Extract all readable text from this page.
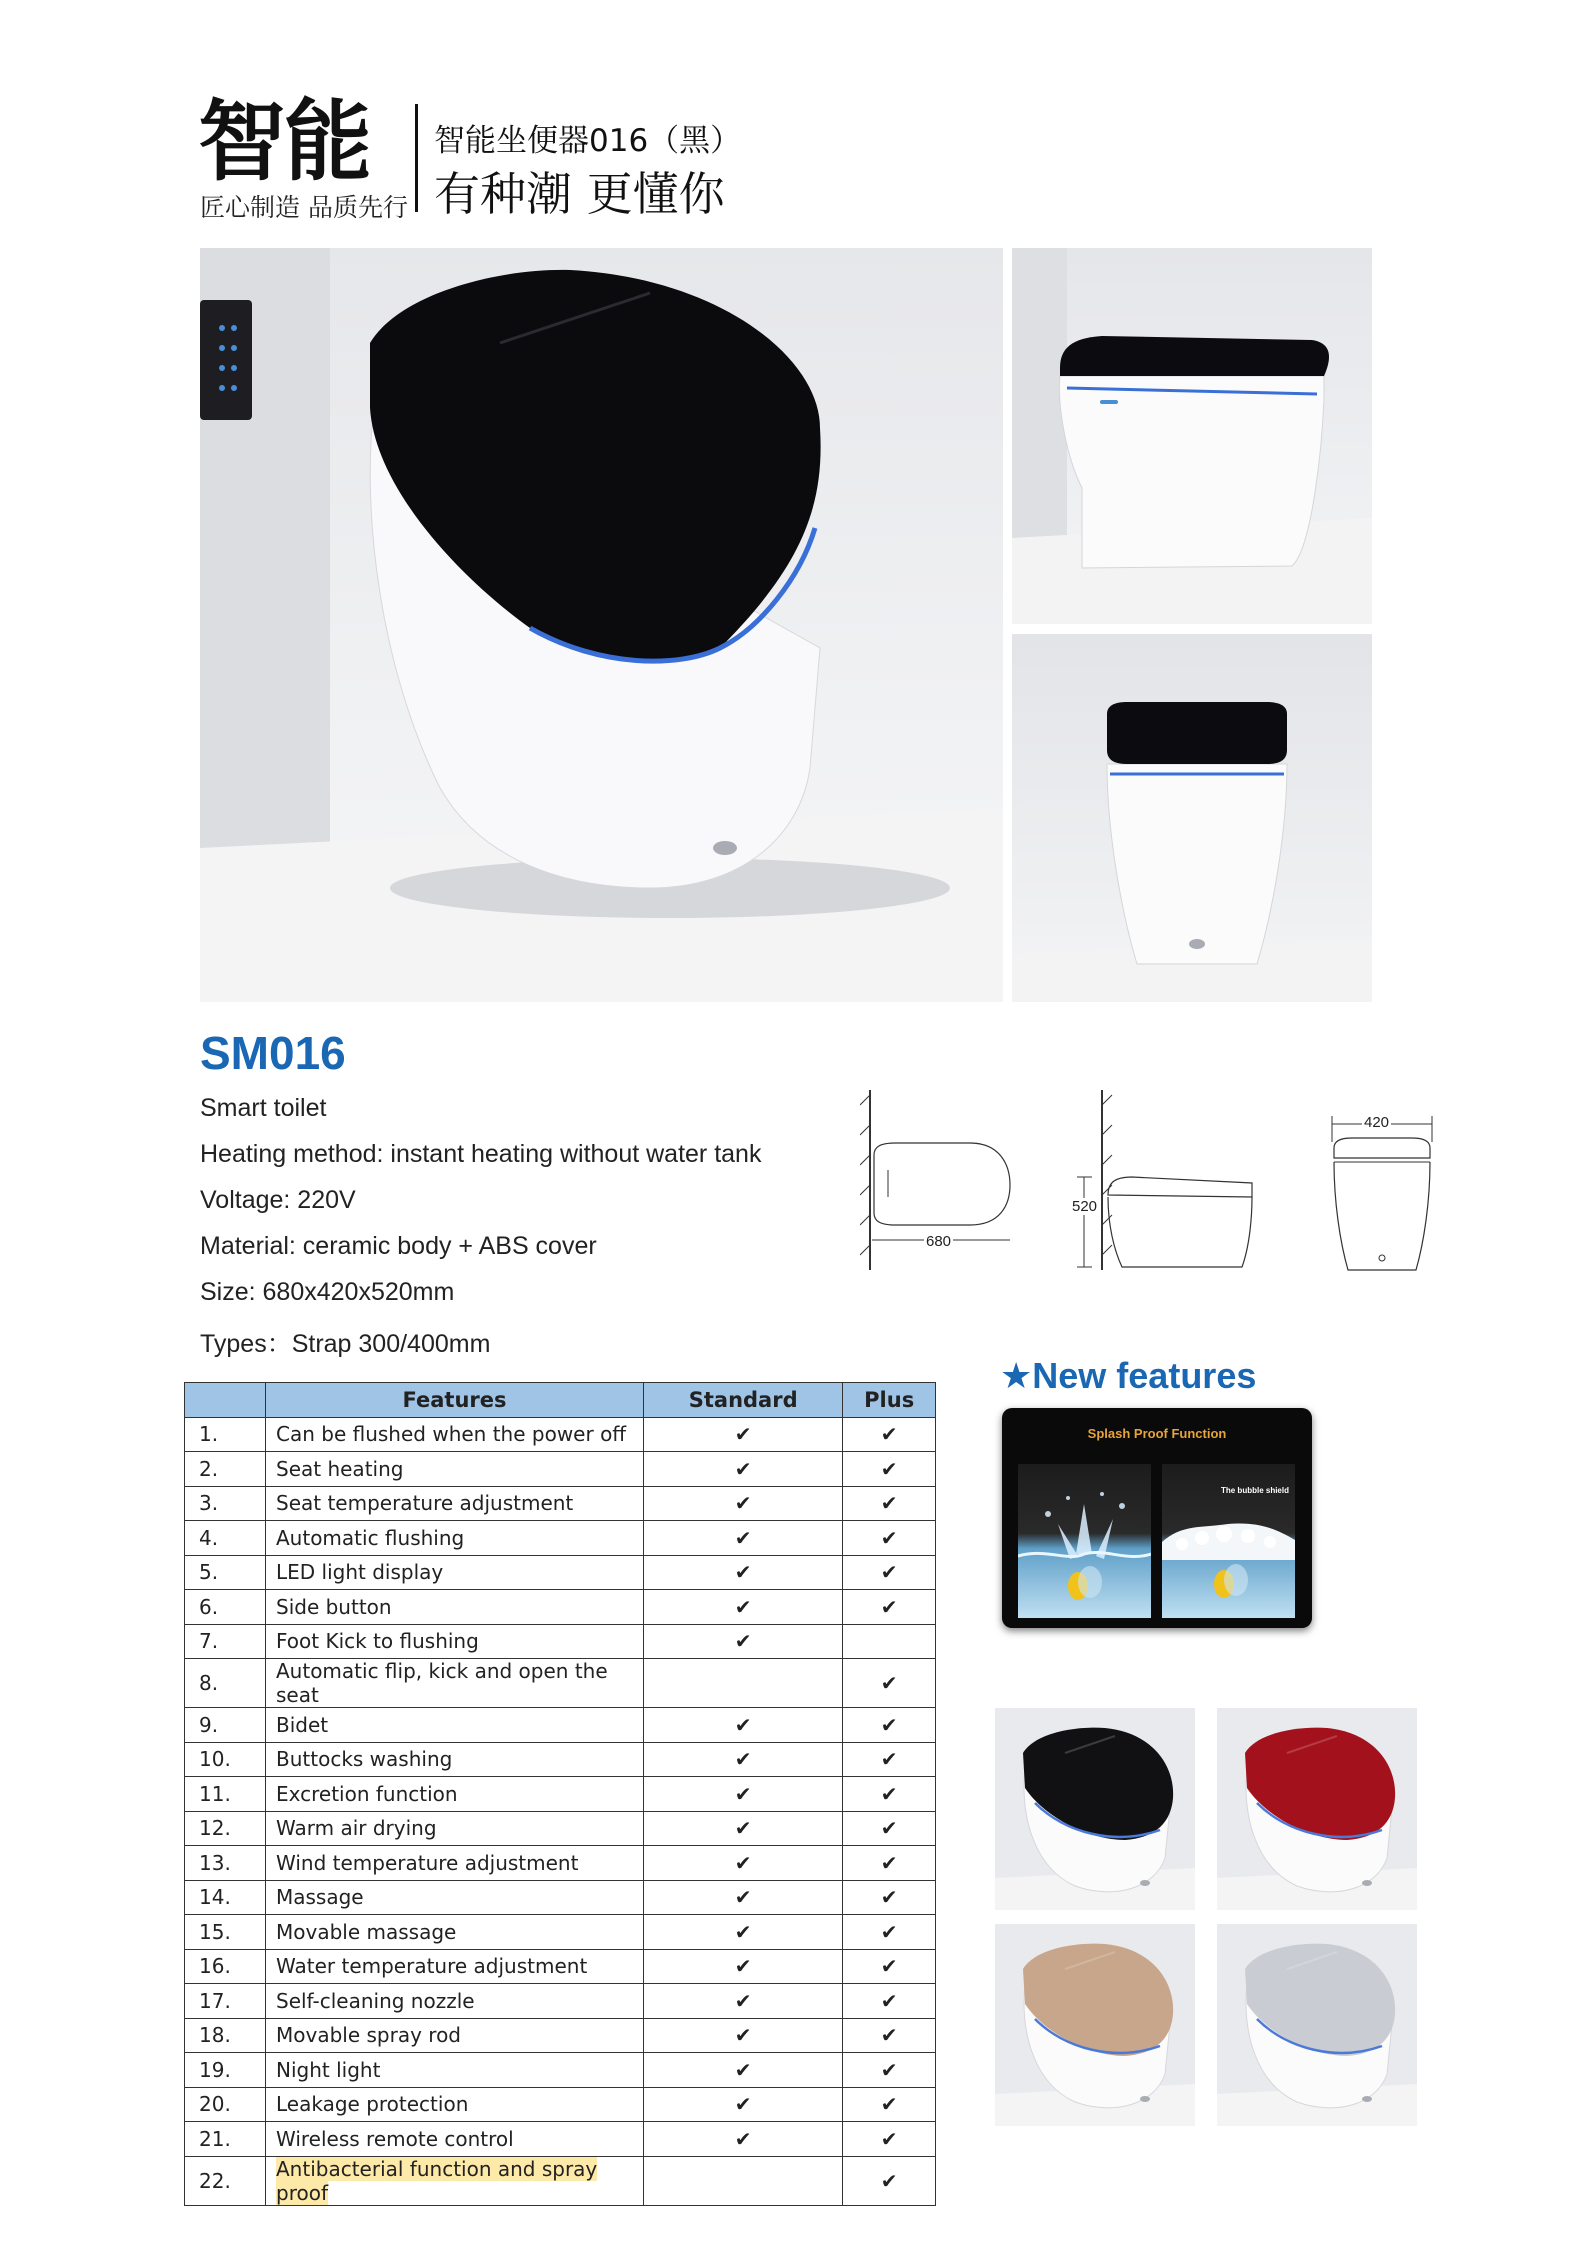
智能
匠心制造 品质先行
智能坐便器016（黑）
有种潮 更懂你
SM016
Smart toilet
Heating method: instant heating without water tank
Voltage: 220V
Material: ceramic body + ABS cover
Size: 680x420x520mm
Types：Strap 300/400mm
680
520
420
	Features	Standard	Plus
1.	Can be flushed when the power off	✔	✔
2.	Seat heating	✔	✔
3.	Seat temperature adjustment	✔	✔
4.	Automatic flushing	✔	✔
5.	LED light display	✔	✔
6.	Side button	✔	✔
7.	Foot Kick to flushing	✔	
8.	Automatic flip, kick and open the seat		✔
9.	Bidet	✔	✔
10.	Buttocks washing	✔	✔
11.	Excretion function	✔	✔
12.	Warm air drying	✔	✔
13.	Wind temperature adjustment	✔	✔
14.	Massage	✔	✔
15.	Movable massage	✔	✔
16.	Water temperature adjustment	✔	✔
17.	Self-cleaning nozzle	✔	✔
18.	Movable spray rod	✔	✔
19.	Night light	✔	✔
20.	Leakage protection	✔	✔
21.	Wireless remote control	✔	✔
22.	Antibacterial function and spray proof		✔
★New features
Splash Proof Function
The bubble shield
